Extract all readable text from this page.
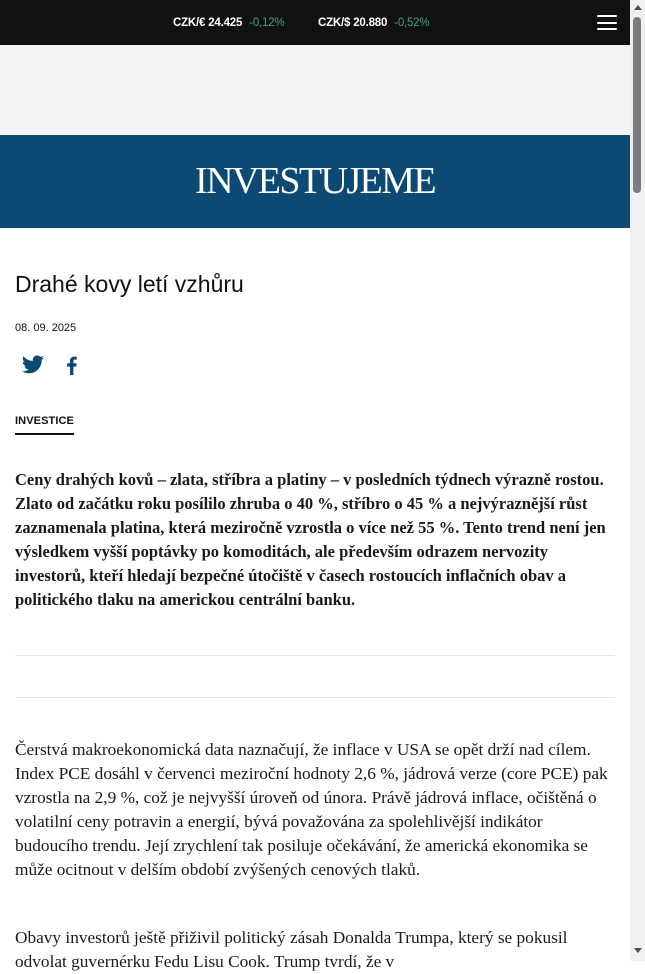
CZK/€ 24.425 -0,12%	CZK/$ 20.880 -0,52%
INVESTUJEME
Drahé kovy letí vzhůru
08. 09. 2025
INVESTICE

Ceny drahých kovů – zlata, stříbra a platiny – v posledních týdnech výrazně rostou. Zlato od začátku roku posílilo zhruba o 40 %, stříbro o 45 % a nejvýraznější růst zaznamenala platina, která meziročně vzrostla o více než 55 %. Tento trend není jen výsledkem vyšší poptávky po komoditách, ale především odrazem nervozity investorů, kteří hledají bezpečné útočiště v časech rostoucích inflačních obav a politického tlaku na americkou centrální banku.

Čerstvá makroekonomická data naznačují, že inflace v USA se opět drží nad cílem. Index PCE dosáhl v červenci meziroční hodnoty 2,6 %, jádrová verze (core PCE) pak vzrostla na 2,9 %, což je nejvyšší úroveň od února. Právě jádrová inflace, očištěná o volatilní ceny potravin a energií, bývá považována za spolehlivější indikátor budoucího trendu. Její zrychlení tak posiluje očekávání, že americká ekonomika se může ocitnout v delším období zvýšených cenových tlaků.

Obavy investorů ještě přiživil politický zásah Donalda Trumpa, který se pokusil odvolat guvernérku Fedu Lisu Cook. Trump tvrdí, že v
